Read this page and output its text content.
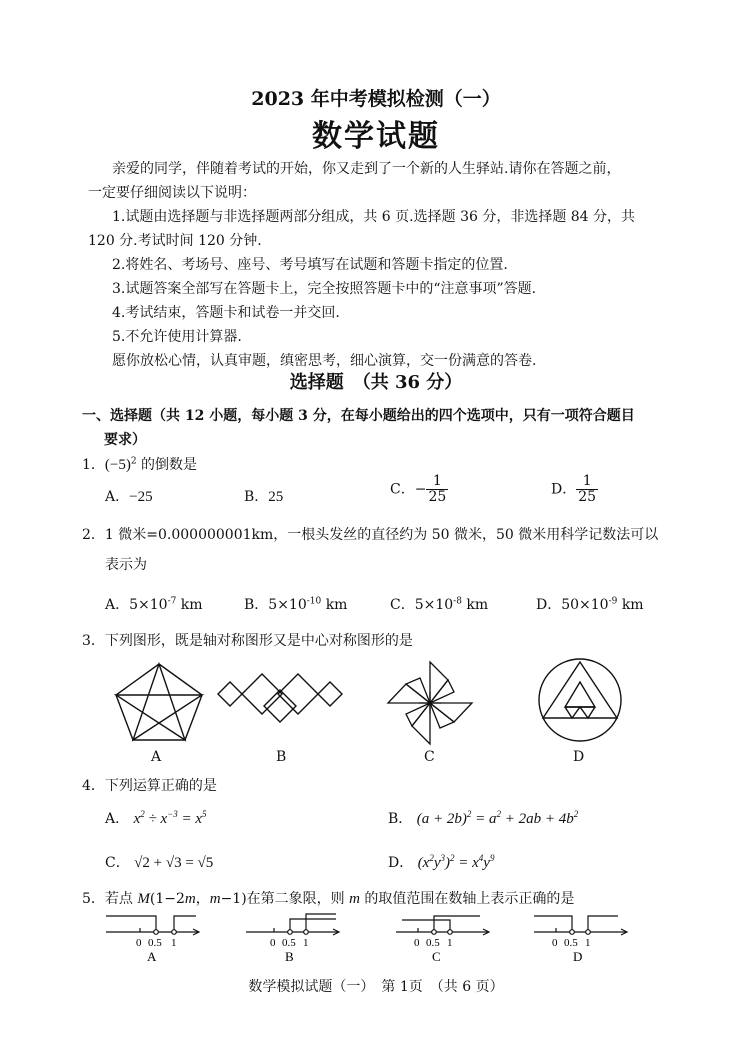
2023 年中考模拟检测（一）
数学试题
亲爱的同学，伴随着考试的开始，你又走到了一个新的人生驿站.请你在答题之前，
一定要仔细阅读以下说明：
1.试题由选择题与非选择题两部分组成，共 6 页.选择题 36 分，非选择题 84 分，共
120 分.考试时间 120 分钟.
2.将姓名、考场号、座号、考号填写在试题和答题卡指定的位置.
3.试题答案全部写在答题卡上，完全按照答题卡中的“注意事项”答题.
4.考试结束，答题卡和试卷一并交回.
5.不允许使用计算器.
愿你放松心情，认真审题，缜密思考，细心演算，交一份满意的答卷.
选择题　（共 36 分）
一、选择题（共 12 小题，每小题 3 分，在每小题给出的四个选项中，只有一项符合题目
要求）
1．$(-5)^2$ 的倒数是
A．−25	B．25	C．− $\frac{1}{25}$	D． $\frac{1}{25}$
2．1 微米=0.000000001km，一根头发丝的直径约为 50 微米，50 微米用科学记数法可以
表示为
A．$5\times 10^{-7}$ km	B．$5\times 10^{-10}$ km	C．$5\times 10^{-8}$ km	D．$50\times 10^{-9}$ km
3．下列图形，既是轴对称图形又是中心对称图形的是
A	B	C	D
4．下列运算正确的是
A． $x^2 \div x^{-3} = x^5$	B． $(a + 2b)^2 = a^2 + 2ab + 4b^2$
C． √2 + √3 = √5	D． $(x^2y^3)^2 = x^4y^9$
5．若点 M(1−2m，m−1)在第二象限，则 m 的取值范围在数轴上表示正确的是
0 0.5 1
A
0 0.5 1
B
0 0.5 1
C
0 0.5 1
D
数学模拟试题（一）　第 1页　（共 6 页）
